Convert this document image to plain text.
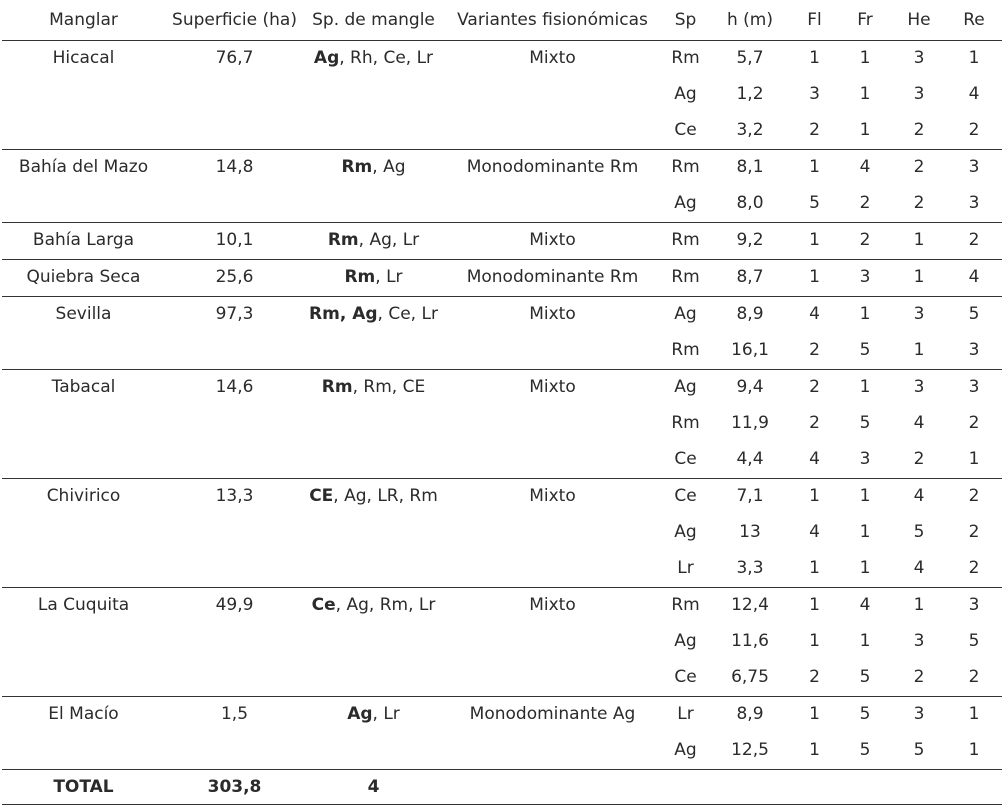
Manglar	Superficie (ha)	Sp. de mangle	Variantes fisionómicas	Sp	h (m)	Fl	Fr	He	Re
Hicacal	76,7	Ag, Rh, Ce, Lr	Mixto	Rm	5,7	1	1	3	1
				Ag	1,2	3	1	3	4
				Ce	3,2	2	1	2	2
Bahía del Mazo	14,8	Rm, Ag	Monodominante Rm	Rm	8,1	1	4	2	3
				Ag	8,0	5	2	2	3
Bahía Larga	10,1	Rm, Ag, Lr	Mixto	Rm	9,2	1	2	1	2
Quiebra Seca	25,6	Rm, Lr	Monodominante Rm	Rm	8,7	1	3	1	4
Sevilla	97,3	Rm, Ag, Ce, Lr	Mixto	Ag	8,9	4	1	3	5
				Rm	16,1	2	5	1	3
Tabacal	14,6	Rm, Rm, CE	Mixto	Ag	9,4	2	1	3	3
				Rm	11,9	2	5	4	2
				Ce	4,4	4	3	2	1
Chivirico	13,3	CE, Ag, LR, Rm	Mixto	Ce	7,1	1	1	4	2
				Ag	13	4	1	5	2
				Lr	3,3	1	1	4	2
La Cuquita	49,9	Ce, Ag, Rm, Lr	Mixto	Rm	12,4	1	4	1	3
				Ag	11,6	1	1	3	5
				Ce	6,75	2	5	2	2
El Macío	1,5	Ag, Lr	Monodominante Ag	Lr	8,9	1	5	3	1
				Ag	12,5	1	5	5	1
TOTAL	303,8	4							
